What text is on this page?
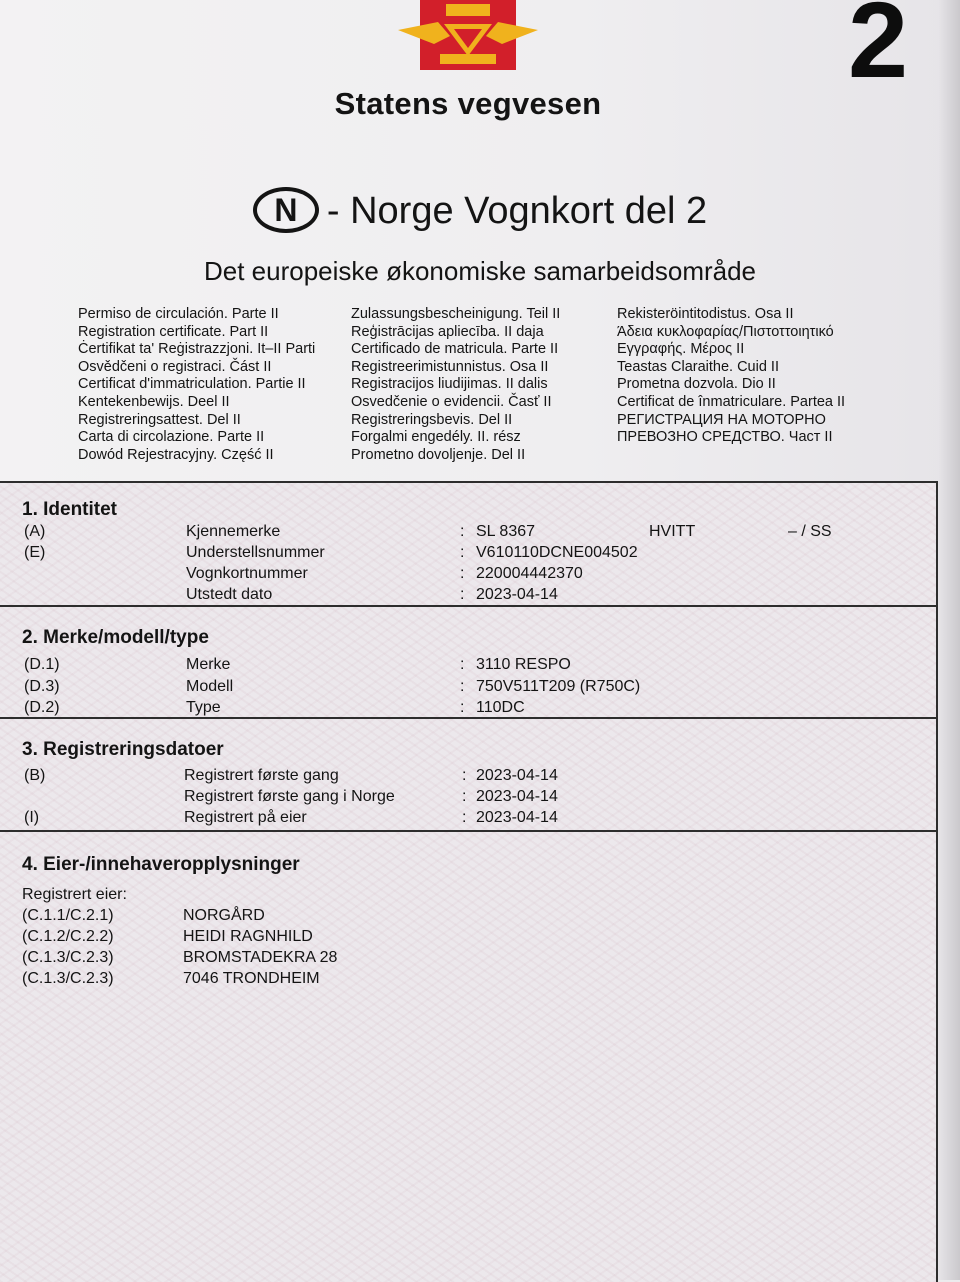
2
Statens vegvesen
N - Norge Vognkort del 2
Det europeiske økonomiske samarbeidsområde
Permiso de circulación. Parte II
Registration certificate. Part II
Ċertifikat ta' Reġistrazzjoni. It–II Parti
Osvědčeni o registraci. Část II
Certificat d'immatriculation. Partie II
Kentekenbewijs. Deel II
Registreringsattest. Del II
Carta di circolazione. Parte II
Dowód Rejestracyjny. Część II
Zulassungsbescheinigung. Teil II
Reģistrācijas apliecība. II daja
Certificado de matricula. Parte II
Registreerimistunnistus. Osa II
Registracijos liudijimas. II dalis
Osvedčenie o evidencii. Časť II
Registreringsbevis. Del II
Forgalmi engedély. II. rész
Prometno dovoljenje. Del II
Rekisteröintitodistus. Osa II
Άδεια κυκλοφαρίας/Πιστοττοιητικό
Εγγραφής. Μέρος II
Teastas Claraithe. Cuid II
Prometna dozvola. Dio II
Certificat de înmatriculare. Partea II
РЕГИСТРАЦИЯ НА МОТОРНО
ПРЕВОЗНО СРЕДСТВО. Част II
1. Identitet
(A)	Kjennemerke	: SL 8367	HVITT	– / SS
(E)	Understellsnummer	: V610110DCNE004502
Vognkortnummer	: 220004442370
Utstedt dato	: 2023-04-14
2. Merke/modell/type
(D.1)	Merke	: 3110 RESPO
(D.3)	Modell	: 750V511T209 (R750C)
(D.2)	Type	: 110DC
3. Registreringsdatoer
(B)	Registrert første gang	: 2023-04-14
Registrert første gang i Norge	: 2023-04-14
(I)	Registrert på eier	: 2023-04-14
4. Eier-/innehaveropplysninger
Registrert eier:
(C.1.1/C.2.1)	NORGÅRD
(C.1.2/C.2.2)	HEIDI RAGNHILD
(C.1.3/C.2.3)	BROMSTADEKRA 28
(C.1.3/C.2.3)	7046 TRONDHEIM
